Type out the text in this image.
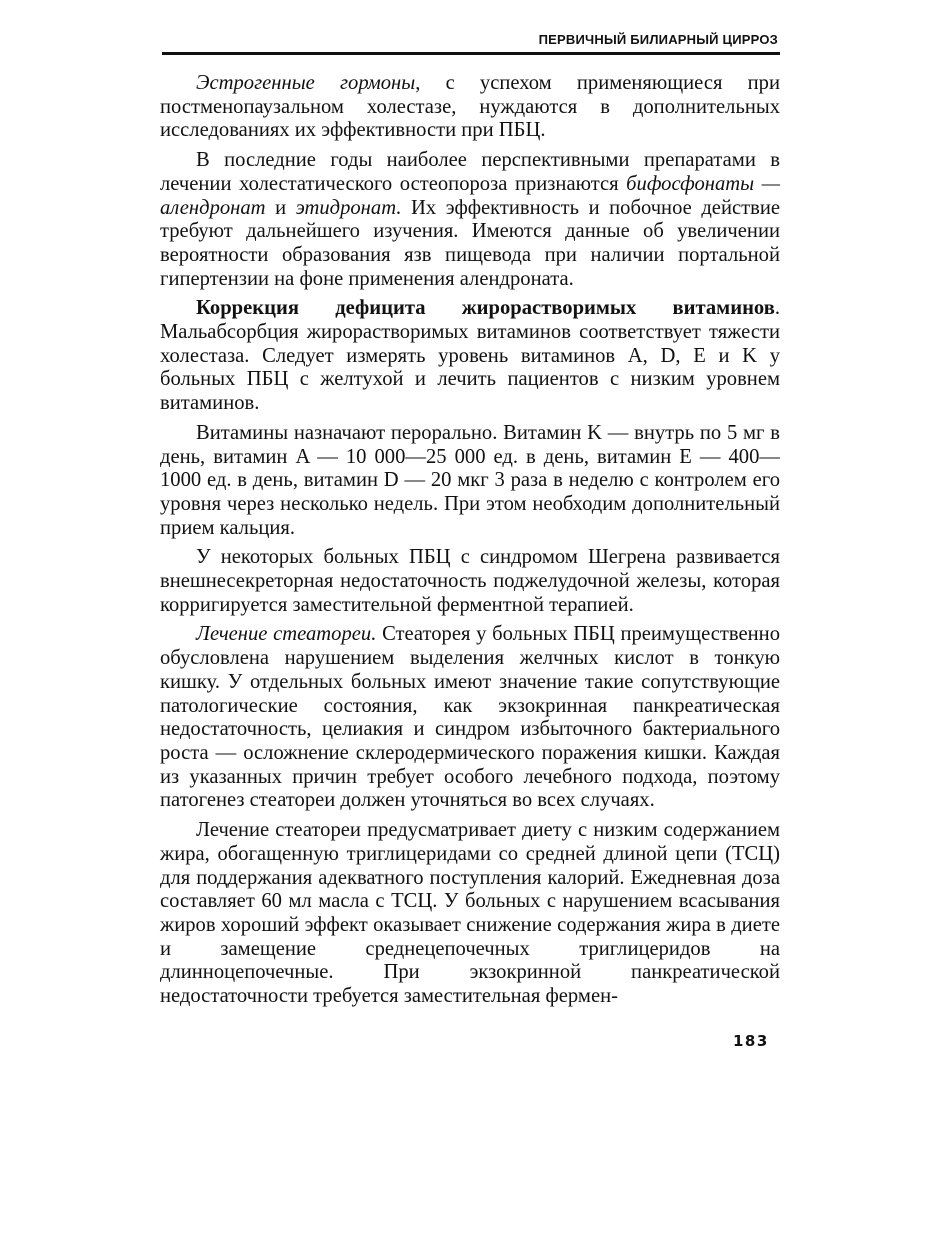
ПЕРВИЧНЫЙ БИЛИАРНЫЙ ЦИРРОЗ

Эстрогенные гормоны, с успехом применяющиеся при постменопаузальном холестазе, нуждаются в дополнительных исследованиях их эффективности при ПБЦ.

В последние годы наиболее перспективными препаратами в лечении холестатического остеопороза признаются бифосфонаты — алендронат и этидронат. Их эффективность и побочное действие требуют дальнейшего изучения. Имеются данные об увеличении вероятности образования язв пищевода при наличии портальной гипертензии на фоне применения алендроната.

Коррекция дефицита жирорастворимых витаминов. Мальабсорбция жирорастворимых витаминов соответствует тяжести холестаза. Следует измерять уровень витаминов A, D, E и K у больных ПБЦ с желтухой и лечить пациентов с низким уровнем витаминов.

Витамины назначают перорально. Витамин K — внутрь по 5 мг в день, витамин A — 10 000—25 000 ед. в день, витамин E — 400—1000 ед. в день, витамин D — 20 мкг 3 раза в неделю с контролем его уровня через несколько недель. При этом необходим дополнительный прием кальция.

У некоторых больных ПБЦ с синдромом Шегрена развивается внешнесекреторная недостаточность поджелудочной железы, которая корригируется заместительной ферментной терапией.

Лечение стеатореи. Стеаторея у больных ПБЦ преимущественно обусловлена нарушением выделения желчных кислот в тонкую кишку. У отдельных больных имеют значение такие сопутствующие патологические состояния, как экзокринная панкреатическая недостаточность, целиакия и синдром избыточного бактериального роста — осложнение склеродермического поражения кишки. Каждая из указанных причин требует особого лечебного подхода, поэтому патогенез стеатореи должен уточняться во всех случаях.

Лечение стеатореи предусматривает диету с низким содержанием жира, обогащенную триглицеридами со средней длиной цепи (ТСЦ) для поддержания адекватного поступления калорий. Ежедневная доза составляет 60 мл масла с ТСЦ. У больных с нарушением всасывания жиров хороший эффект оказывает снижение содержания жира в диете и замещение среднецепочечных триглицеридов на длинноцепочечные. При экзокринной панкреатической недостаточности требуется заместительная фермен-

183
